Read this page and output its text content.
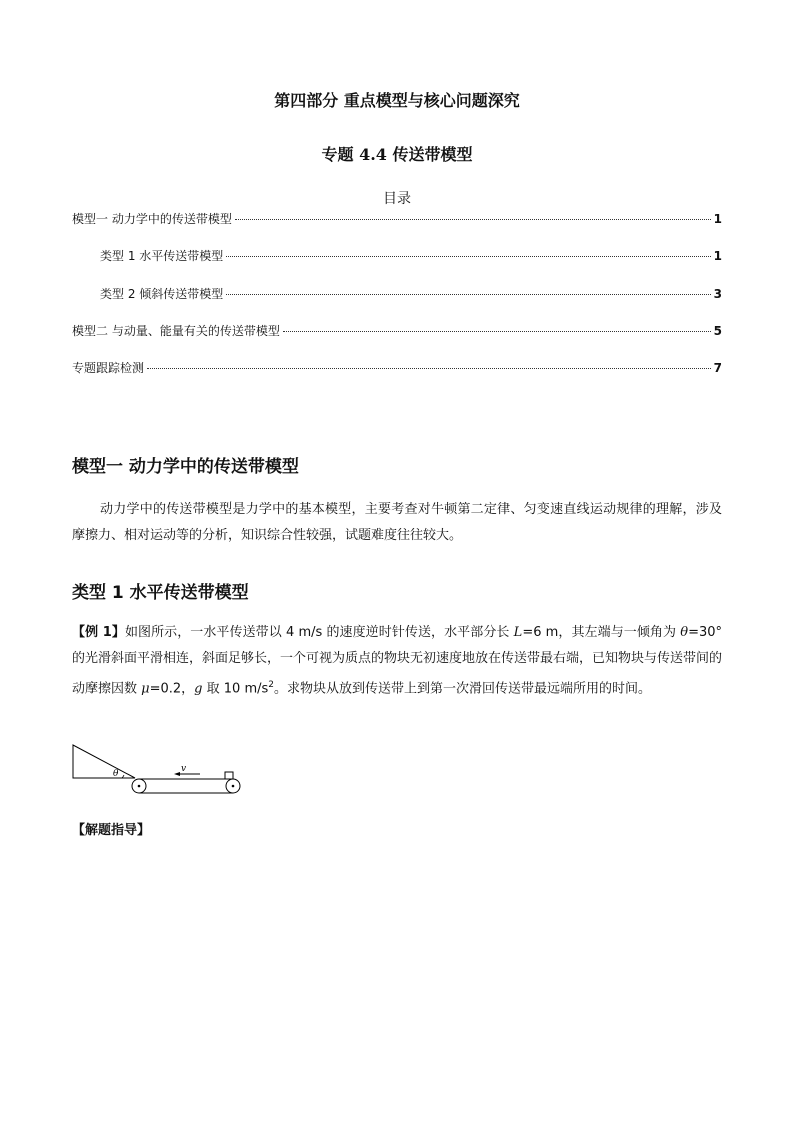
第四部分 重点模型与核心问题深究
专题 4.4 传送带模型
目录
模型一 动力学中的传送带模型	1
类型 1 水平传送带模型	1
类型 2 倾斜传送带模型	3
模型二 与动量、能量有关的传送带模型	5
专题跟踪检测	7
模型一 动力学中的传送带模型
动力学中的传送带模型是力学中的基本模型，主要考查对牛顿第二定律、匀变速直线运动规律的理解，涉及摩擦力、相对运动等的分析，知识综合性较强，试题难度往往较大。
类型 1 水平传送带模型
【例 1】如图所示，一水平传送带以 4 m/s 的速度逆时针传送，水平部分长 L=6 m，其左端与一倾角为 θ=30°的光滑斜面平滑相连，斜面足够长，一个可视为质点的物块无初速度地放在传送带最右端，已知物块与传送带间的动摩擦因数 μ=0.2，g 取 10 $m/s^2$。求物块从放到传送带上到第一次滑回传送带最远端所用的时间。
θ	v
【解题指导】
